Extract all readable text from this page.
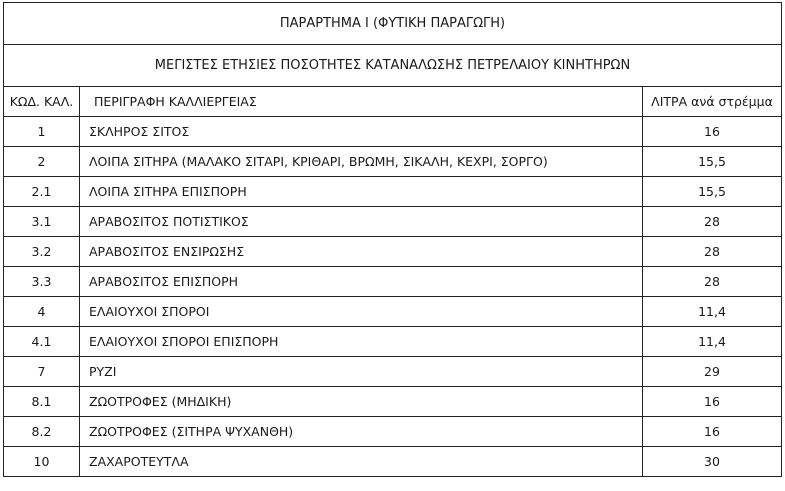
ΠΑΡΑΡΤΗΜΑ Ι (ΦΥΤΙΚΗ ΠΑΡΑΓΩΓΗ)		
ΜΕΓΙΣΤΕΣ ΕΤΗΣΙΕΣ ΠΟΣΟΤΗΤΕΣ ΚΑΤΑΝΑΛΩΣΗΣ ΠΕΤΡΕΛΑΙΟΥ ΚΙΝΗΤΗΡΩΝ		
ΚΩΔ. ΚΑΛ.	ΠΕΡΙΓΡΑΦΗ ΚΑΛΛΙΕΡΓΕΙΑΣ	ΛΙΤΡΑ ανά στρέμμα
1	ΣΚΛΗΡΟΣ ΣΙΤΟΣ	16
2	ΛΟΙΠΑ ΣΙΤΗΡΑ (ΜΑΛΑΚΟ ΣΙΤΑΡΙ, ΚΡΙΘΑΡΙ, ΒΡΩΜΗ, ΣΙΚΑΛΗ, ΚΕΧΡΙ, ΣΟΡΓΟ)	15,5
2.1	ΛΟΙΠΑ ΣΙΤΗΡΑ ΕΠΙΣΠΟΡΗ	15,5
3.1	ΑΡΑΒΟΣΙΤΟΣ ΠΟΤΙΣΤΙΚΟΣ	28
3.2	ΑΡΑΒΟΣΙΤΟΣ ΕΝΣΙΡΩΣΗΣ	28
3.3	ΑΡΑΒΟΣΙΤΟΣ ΕΠΙΣΠΟΡΗ	28
4	ΕΛΑΙΟΥΧΟΙ ΣΠΟΡΟΙ	11,4
4.1	ΕΛΑΙΟΥΧΟΙ ΣΠΟΡΟΙ ΕΠΙΣΠΟΡΗ	11,4
7	ΡΥΖΙ	29
8.1	ΖΩΟΤΡΟΦΕΣ (ΜΗΔΙΚΗ)	16
8.2	ΖΩΟΤΡΟΦΕΣ (ΣΙΤΗΡΑ ΨΥΧΑΝΘΗ)	16
10	ΖΑΧΑΡΟΤΕΥΤΛΑ	30
